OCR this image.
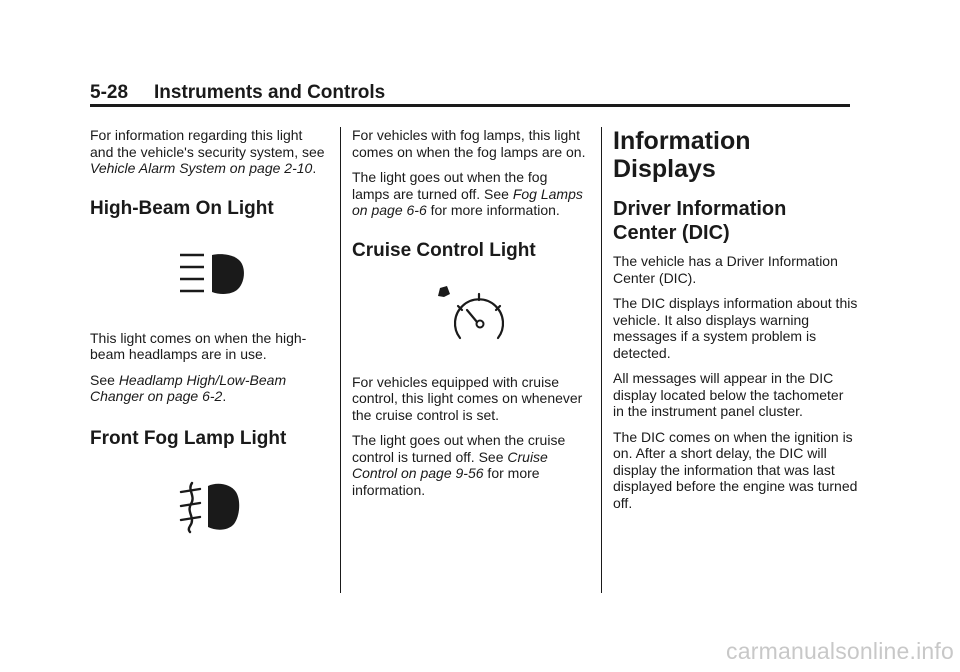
5-28 Instruments and Controls

For information regarding this light and the vehicle's security system, see Vehicle Alarm System on page 2-10.

High-Beam On Light

This light comes on when the high-beam headlamps are in use.

See Headlamp High/Low-Beam Changer on page 6-2.

Front Fog Lamp Light

For vehicles with fog lamps, this light comes on when the fog lamps are on.

The light goes out when the fog lamps are turned off. See Fog Lamps on page 6-6 for more information.

Cruise Control Light

For vehicles equipped with cruise control, this light comes on whenever the cruise control is set.

The light goes out when the cruise control is turned off. See Cruise Control on page 9-56 for more information.

Information Displays
Driver Information Center (DIC)

The vehicle has a Driver Information Center (DIC).

The DIC displays information about this vehicle. It also displays warning messages if a system problem is detected.

All messages will appear in the DIC display located below the tachometer in the instrument panel cluster.

The DIC comes on when the ignition is on. After a short delay, the DIC will display the information that was last displayed before the engine was turned off.

carmanualsonline.info
